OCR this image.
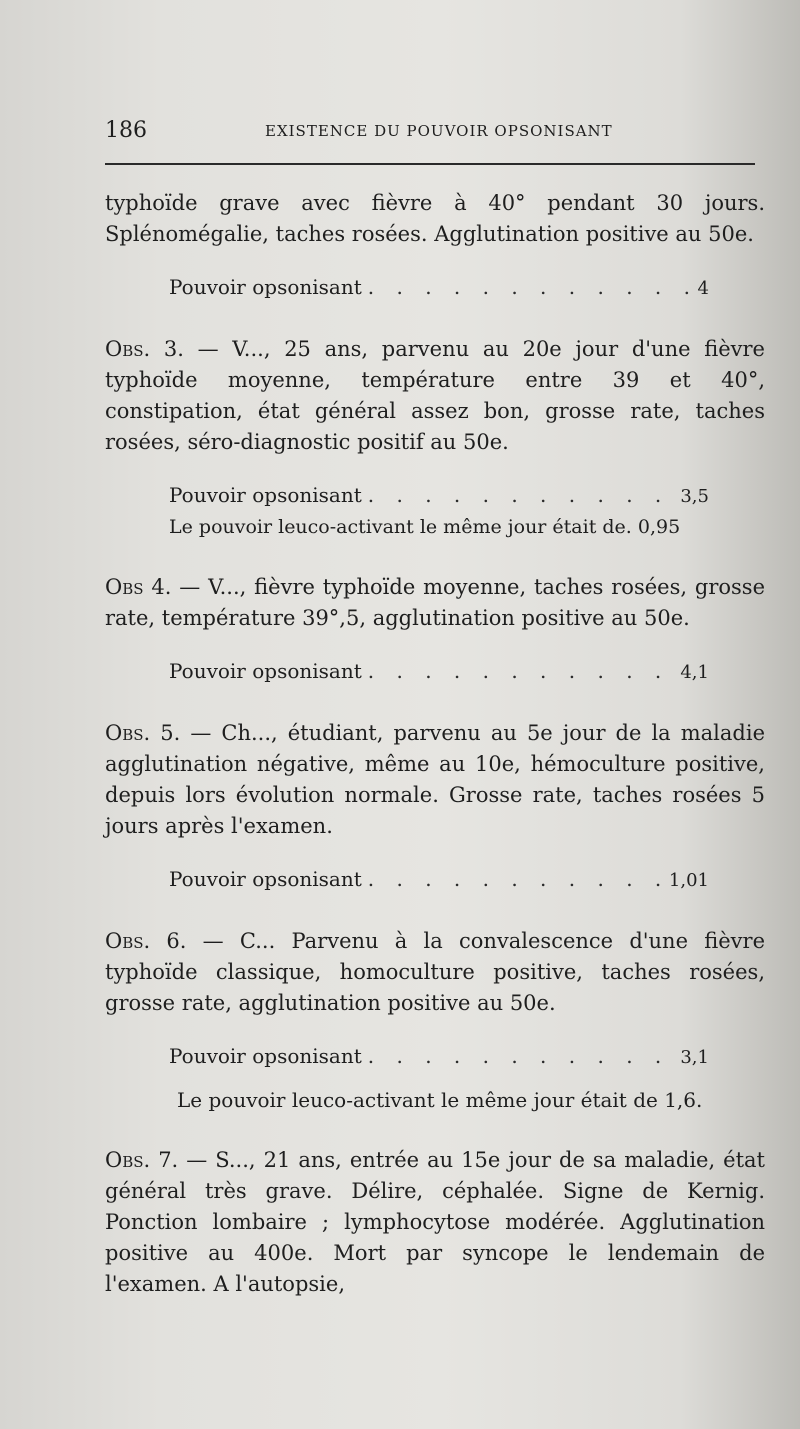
186	EXISTENCE DU POUVOIR OPSONISANT

typhoïde grave avec fièvre à 40° pendant 30 jours. Splénomégalie, taches rosées. Agglutination positive au 50e.

Pouvoir opsonisant . . .	4

Obs. 3. — V..., 25 ans, parvenu au 20e jour d'une fièvre typhoïde moyenne, température entre 39 et 40°, constipation, état général assez bon, grosse rate, taches rosées, séro-diagnostic positif au 50e.

Pouvoir opsonisant . . .	3,5
Le pouvoir leuco-activant le même jour était de. 0,95

Obs 4. — V..., fièvre typhoïde moyenne, taches rosées, grosse rate, température 39°,5, agglutination positive au 50e.

Pouvoir opsonisant . . .	4,1

Obs. 5. — Ch..., étudiant, parvenu au 5e jour de la maladie agglutination négative, même au 10e, hémoculture positive, depuis lors évolution normale. Grosse rate, taches rosées 5 jours après l'examen.

Pouvoir opsonisant . . .	1,01

Obs. 6. — C... Parvenu à la convalescence d'une fièvre typhoïde classique, homoculture positive, taches rosées, grosse rate, agglutination positive au 50e.

Pouvoir opsonisant . . .	3,1
Le pouvoir leuco-activant le même jour était de 1,6.

Obs. 7. — S..., 21 ans, entrée au 15e jour de sa maladie, état général très grave. Délire, céphalée. Signe de Kernig. Ponction lombaire ; lymphocytose modérée. Agglutination positive au 400e. Mort par syncope le lendemain de l'examen. A l'autopsie,
